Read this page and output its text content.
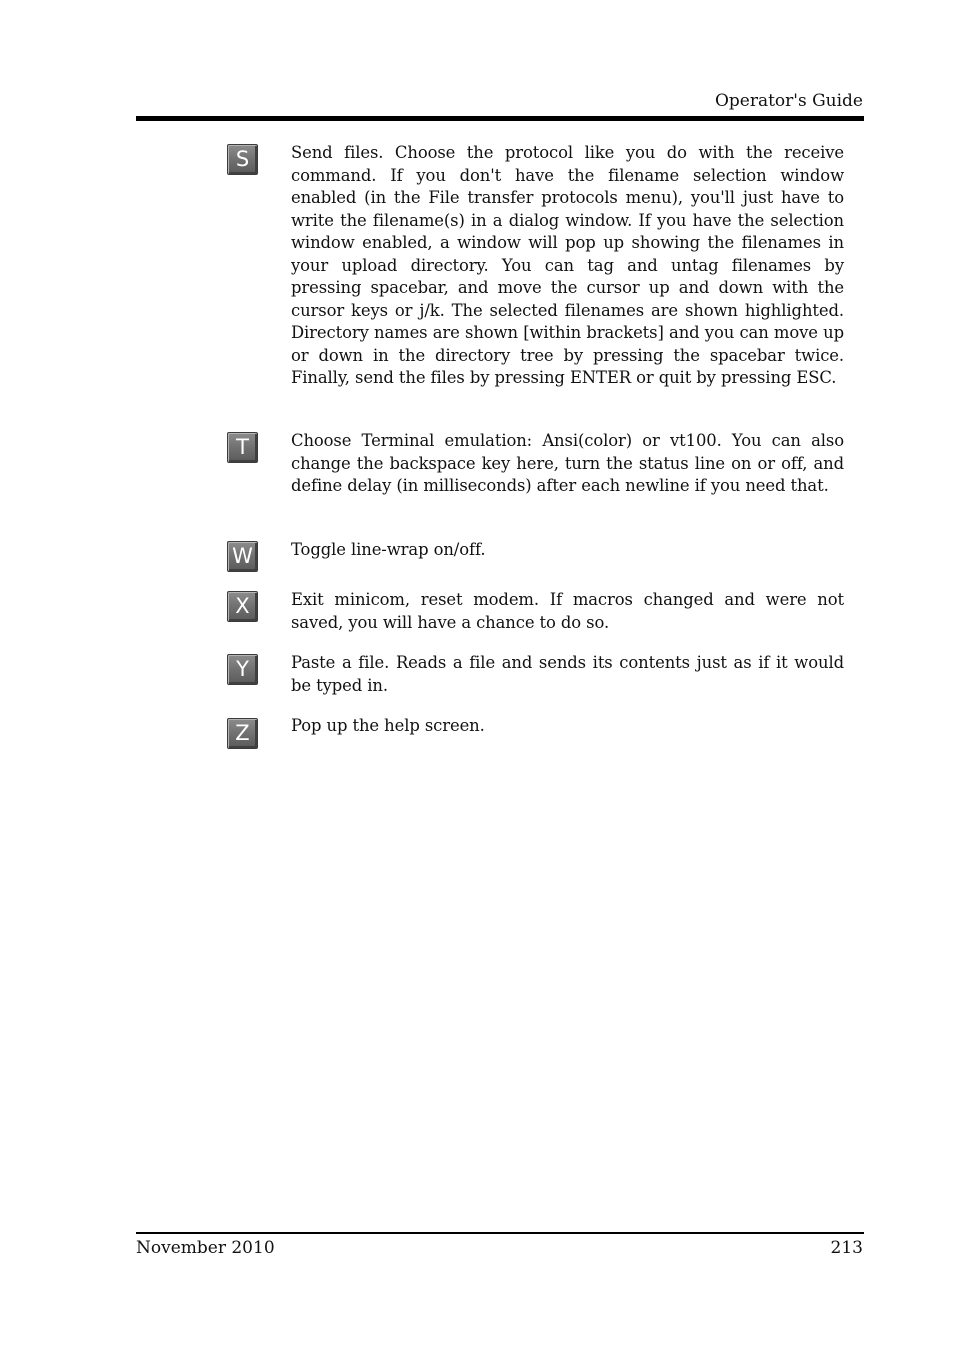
Operator's Guide
S	Send files. Choose the protocol like you do with the receive command. If you don't have the filename selection window enabled (in the File transfer protocols menu), you'll just have to write the filename(s) in a dialog window. If you have the selection window enabled, a window will pop up showing the filenames in your upload directory. You can tag and untag filenames by pressing spacebar, and move the cursor up and down with the cursor keys or j/k. The selected filenames are shown highlighted. Directory names are shown [within brackets] and you can move up or down in the directory tree by pressing the spacebar twice. Finally, send the files by pressing ENTER or quit by pressing ESC.
T	Choose Terminal emulation: Ansi(color) or vt100. You can also change the backspace key here, turn the status line on or off, and define delay (in milliseconds) after each newline if you need that.
W	Toggle line-wrap on/off.
X	Exit minicom, reset modem. If macros changed and were not saved, you will have a chance to do so.
Y	Paste a file. Reads a file and sends its contents just as if it would be typed in.
Z	Pop up the help screen.
November 2010	213
